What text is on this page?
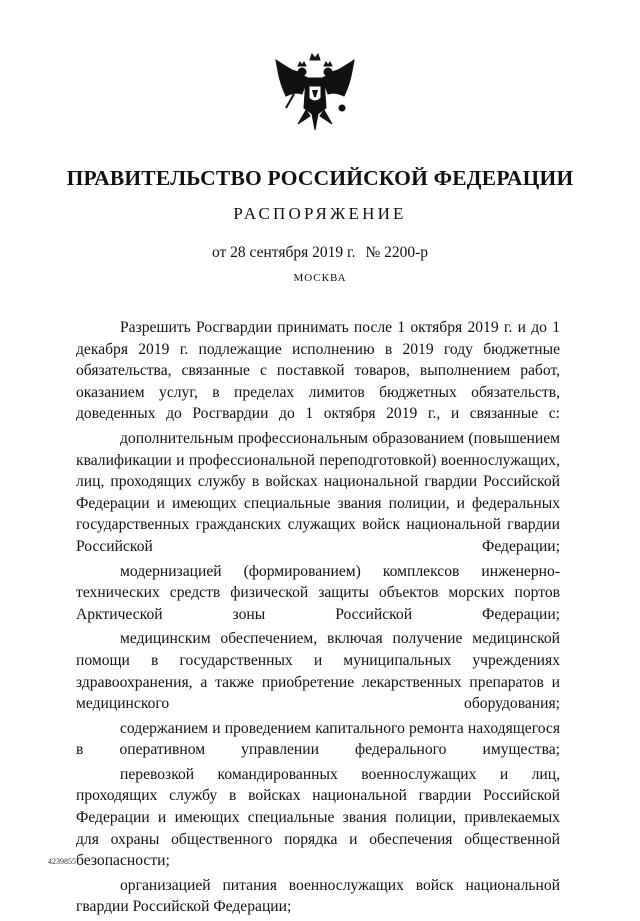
ПРАВИТЕЛЬСТВО РОССИЙСКОЙ ФЕДЕРАЦИИ
РАСПОРЯЖЕНИЕ
от 28 сентября 2019 г. № 2200-р
МОСКВА

Разрешить Росгвардии принимать после 1 октября 2019 г. и до 1 декабря 2019 г. подлежащие исполнению в 2019 году бюджетные обязательства, связанные с поставкой товаров, выполнением работ, оказанием услуг, в пределах лимитов бюджетных обязательств, доведенных до Росгвардии до 1 октября 2019 г., и связанные с:

дополнительным профессиональным образованием (повышением квалификации и профессиональной переподготовкой) военнослужащих, лиц, проходящих службу в войсках национальной гвардии Российской Федерации и имеющих специальные звания полиции, и федеральных государственных гражданских служащих войск национальной гвардии Российской Федерации;

модернизацией (формированием) комплексов инженерно-технических средств физической защиты объектов морских портов Арктической зоны Российской Федерации;

медицинским обеспечением, включая получение медицинской помощи в государственных и муниципальных учреждениях здравоохранения, а также приобретение лекарственных препаратов и медицинского оборудования;

содержанием и проведением капитального ремонта находящегося в оперативном управлении федерального имущества;

перевозкой командированных военнослужащих и лиц, проходящих службу в войсках национальной гвардии Российской Федерации и имеющих специальные звания полиции, привлекаемых для охраны общественного порядка и обеспечения общественной безопасности;

организацией питания военнослужащих войск национальной гвардии Российской Федерации;

4239855
